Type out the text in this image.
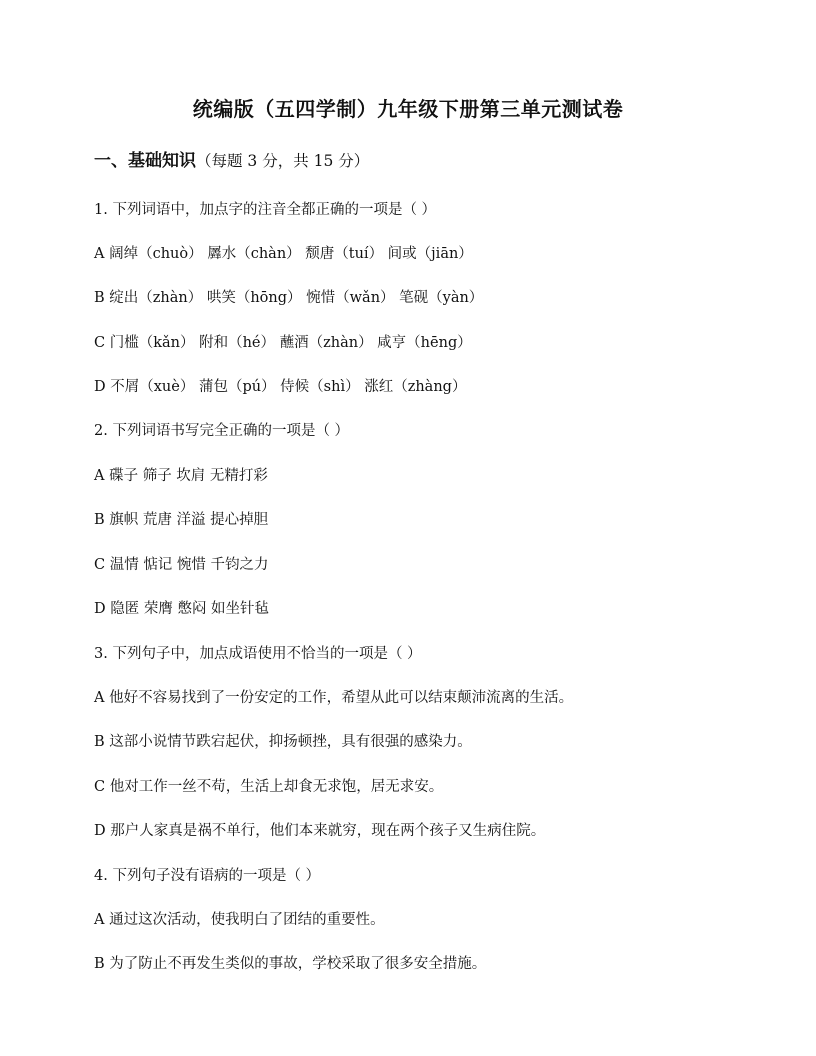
统编版（五四学制）九年级下册第三单元测试卷
一、基础知识（每题 3 分，共 15 分）
1. 下列词语中，加点字的注音全都正确的一项是（ ）
A 阔绰（chuò） 羼水（chàn） 颓唐（tuí） 间或（jiān）
B 绽出（zhàn） 哄笑（hōng） 惋惜（wǎn） 笔砚（yàn）
C 门槛（kǎn） 附和（hé） 蘸酒（zhàn） 咸亨（hēng）
D 不屑（xuè） 蒲包（pú） 侍候（shì） 涨红（zhàng）
2. 下列词语书写完全正确的一项是（ ）
A 碟子 筛子 坎肩 无精打彩
B 旗帜 荒唐 洋溢 提心掉胆
C 温情 惦记 惋惜 千钧之力
D 隐匿 荣膺 憋闷 如坐针毡
3. 下列句子中，加点成语使用不恰当的一项是（ ）
A 他好不容易找到了一份安定的工作，希望从此可以结束颠沛流离的生活。
B 这部小说情节跌宕起伏，抑扬顿挫，具有很强的感染力。
C 他对工作一丝不苟，生活上却食无求饱，居无求安。
D 那户人家真是祸不单行，他们本来就穷，现在两个孩子又生病住院。
4. 下列句子没有语病的一项是（ ）
A 通过这次活动，使我明白了团结的重要性。
B 为了防止不再发生类似的事故，学校采取了很多安全措施。
